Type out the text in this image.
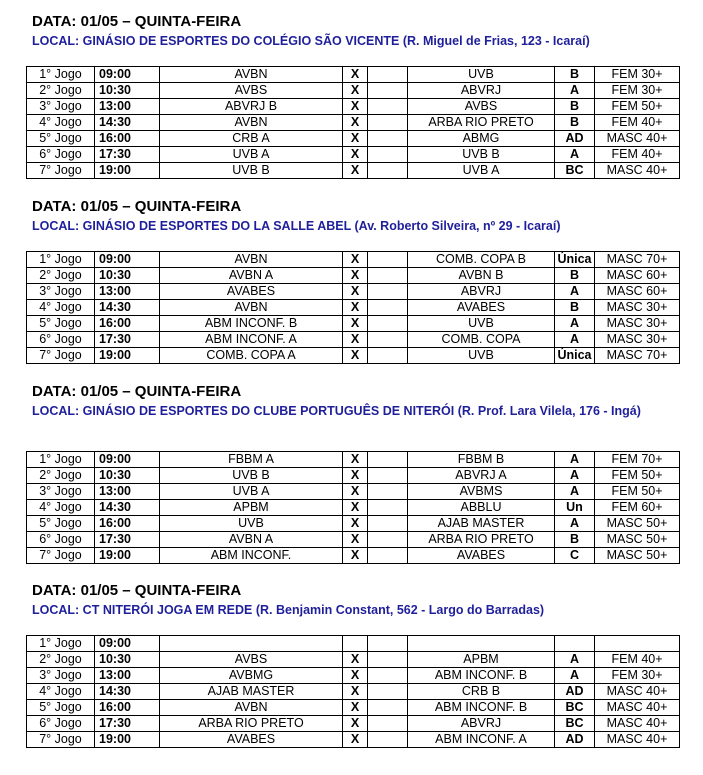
DATA: 01/05 – QUINTA-FEIRA
LOCAL: GINÁSIO DE ESPORTES DO COLÉGIO SÃO VICENTE (R. Miguel de Frias, 123 - Icaraí)
1° Jogo	09:00	AVBN	X		UVB	B	FEM 30+
2° Jogo	10:30	AVBS	X		ABVRJ	A	FEM 30+
3° Jogo	13:00	ABVRJ B	X		AVBS	B	FEM 50+
4° Jogo	14:30	AVBN	X		ARBA RIO PRETO	B	FEM 40+
5° Jogo	16:00	CRB A	X		ABMG	AD	MASC 40+
6° Jogo	17:30	UVB A	X		UVB B	A	FEM 40+
7° Jogo	19:00	UVB B	X		UVB A	BC	MASC 40+
DATA: 01/05 – QUINTA-FEIRA
LOCAL: GINÁSIO DE ESPORTES DO LA SALLE ABEL (Av. Roberto Silveira, nº 29 - Icaraí)
1° Jogo	09:00	AVBN	X		COMB. COPA B	Única	MASC 70+
2° Jogo	10:30	AVBN A	X		AVBN B	B	MASC 60+
3° Jogo	13:00	AVABES	X		ABVRJ	A	MASC 60+
4° Jogo	14:30	AVBN	X		AVABES	B	MASC 30+
5° Jogo	16:00	ABM INCONF. B	X		UVB	A	MASC 30+
6° Jogo	17:30	ABM INCONF. A	X		COMB. COPA	A	MASC 30+
7° Jogo	19:00	COMB. COPA A	X		UVB	Única	MASC 70+
DATA: 01/05 – QUINTA-FEIRA
LOCAL: GINÁSIO DE ESPORTES DO CLUBE PORTUGUÊS DE NITERÓI (R. Prof. Lara Vilela, 176 - Ingá)
1° Jogo	09:00	FBBM A	X		FBBM B	A	FEM 70+
2° Jogo	10:30	UVB B	X		ABVRJ A	A	FEM 50+
3° Jogo	13:00	UVB A	X		AVBMS	A	FEM 50+
4° Jogo	14:30	APBM	X		ABBLU	Un	FEM 60+
5° Jogo	16:00	UVB	X		AJAB MASTER	A	MASC 50+
6° Jogo	17:30	AVBN A	X		ARBA RIO PRETO	B	MASC 50+
7° Jogo	19:00	ABM INCONF.	X		AVABES	C	MASC 50+
DATA: 01/05 – QUINTA-FEIRA
LOCAL: CT NITERÓI JOGA EM REDE (R. Benjamin Constant, 562 - Largo do Barradas)
1° Jogo	09:00						
2° Jogo	10:30	AVBS	X		APBM	A	FEM 40+
3° Jogo	13:00	AVBMG	X		ABM INCONF. B	A	FEM 30+
4° Jogo	14:30	AJAB MASTER	X		CRB B	AD	MASC 40+
5° Jogo	16:00	AVBN	X		ABM INCONF. B	BC	MASC 40+
6° Jogo	17:30	ARBA RIO PRETO	X		ABVRJ	BC	MASC 40+
7° Jogo	19:00	AVABES	X		ABM INCONF. A	AD	MASC 40+
